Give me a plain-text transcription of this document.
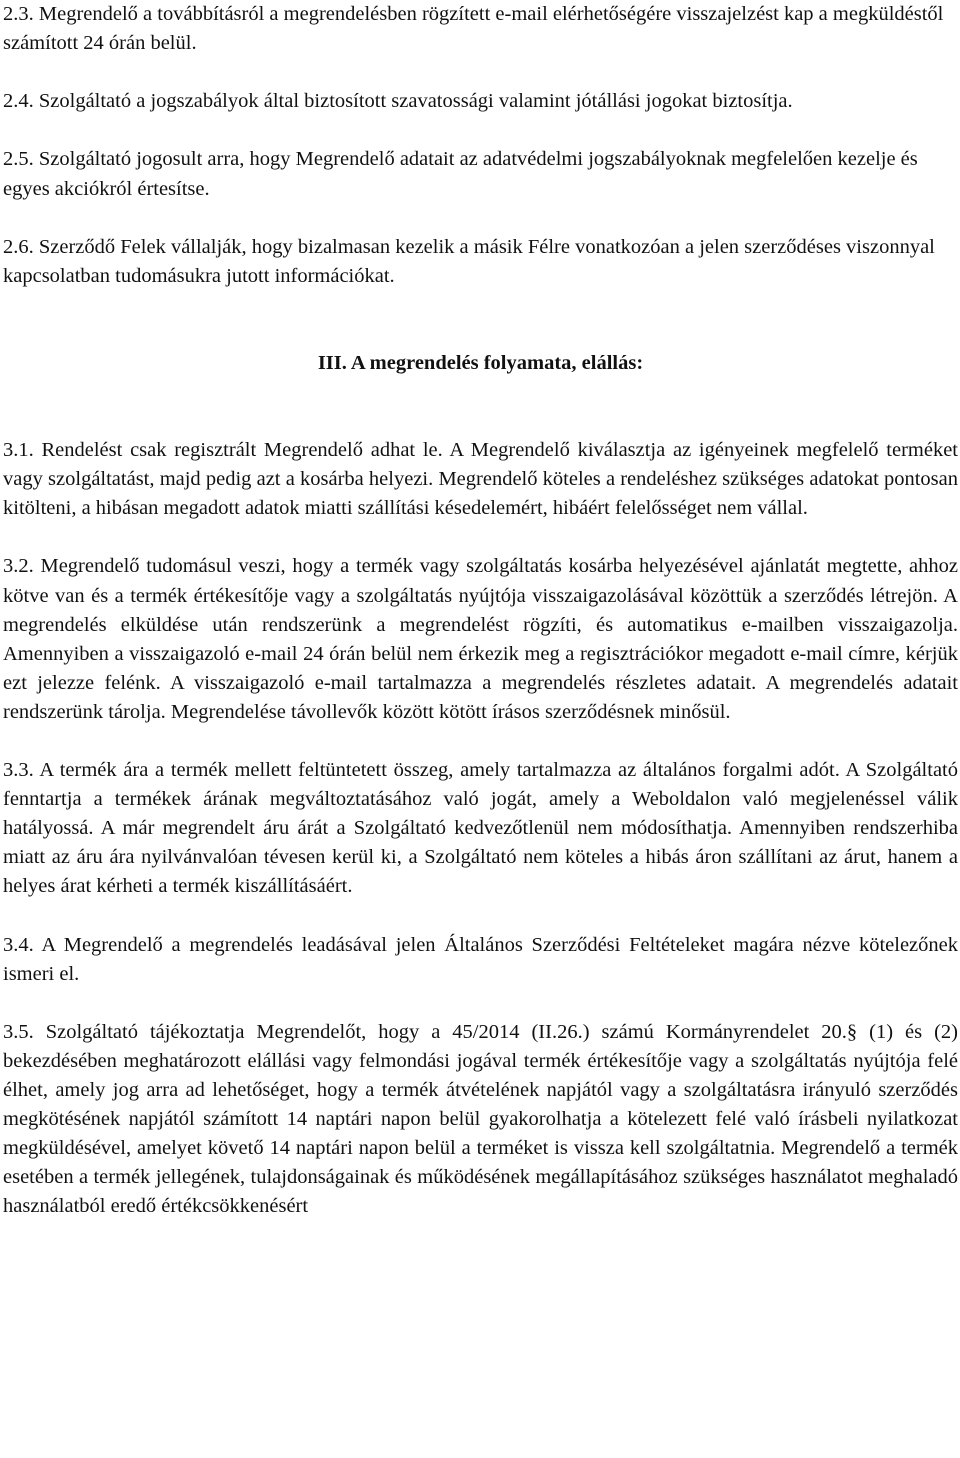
2.3. Megrendelő a továbbításról a megrendelésben rögzített e-mail elérhetőségére visszajelzést kap a megküldéstől számított 24 órán belül.

2.4. Szolgáltató a jogszabályok által biztosított szavatossági valamint jótállási jogokat biztosítja.

2.5. Szolgáltató jogosult arra, hogy Megrendelő adatait az adatvédelmi jogszabályoknak megfelelően kezelje és egyes akciókról értesítse.

2.6. Szerződő Felek vállalják, hogy bizalmasan kezelik a másik Félre vonatkozóan a jelen szerződéses viszonnyal kapcsolatban tudomásukra jutott információkat.

III. A megrendelés folyamata, elállás:

3.1. Rendelést csak regisztrált Megrendelő adhat le. A Megrendelő kiválasztja az igényeinek megfelelő terméket vagy szolgáltatást, majd pedig azt a kosárba helyezi. Megrendelő köteles a rendeléshez szükséges adatokat pontosan kitölteni, a hibásan megadott adatok miatti szállítási késedelemért, hibáért felelősséget nem vállal.

3.2. Megrendelő tudomásul veszi, hogy a termék vagy szolgáltatás kosárba helyezésével ajánlatát megtette, ahhoz kötve van és a termék értékesítője vagy a szolgáltatás nyújtója visszaigazolásával közöttük a szerződés létrejön. A megrendelés elküldése után rendszerünk a megrendelést rögzíti, és automatikus e-mailben visszaigazolja. Amennyiben a visszaigazoló e-mail 24 órán belül nem érkezik meg a regisztrációkor megadott e-mail címre, kérjük ezt jelezze felénk. A visszaigazoló e-mail tartalmazza a megrendelés részletes adatait. A megrendelés adatait rendszerünk tárolja. Megrendelése távollevők között kötött írásos szerződésnek minősül.

3.3. A termék ára a termék mellett feltüntetett összeg, amely tartalmazza az általános forgalmi adót. A Szolgáltató fenntartja a termékek árának megváltoztatásához való jogát, amely a Weboldalon való megjelenéssel válik hatályossá. A már megrendelt áru árát a Szolgáltató kedvezőtlenül nem módosíthatja. Amennyiben rendszerhiba miatt az áru ára nyilvánvalóan tévesen kerül ki, a Szolgáltató nem köteles a hibás áron szállítani az árut, hanem a helyes árat kérheti a termék kiszállításáért.

3.4. A Megrendelő a megrendelés leadásával jelen Általános Szerződési Feltételeket magára nézve kötelezőnek ismeri el.

3.5. Szolgáltató tájékoztatja Megrendelőt, hogy a 45/2014 (II.26.) számú Kormányrendelet 20.§ (1) és (2) bekezdésében meghatározott elállási vagy felmondási jogával termék értékesítője vagy a szolgáltatás nyújtója felé élhet, amely jog arra ad lehetőséget, hogy a termék átvételének napjától vagy a szolgáltatásra irányuló szerződés megkötésének napjától számított 14 naptári napon belül gyakorolhatja a kötelezett felé való írásbeli nyilatkozat megküldésével, amelyet követő 14 naptári napon belül a terméket is vissza kell szolgáltatnia. Megrendelő a termék esetében a termék jellegének, tulajdonságainak és működésének megállapításához szükséges használatot meghaladó használatból eredő értékcsökkenésért
